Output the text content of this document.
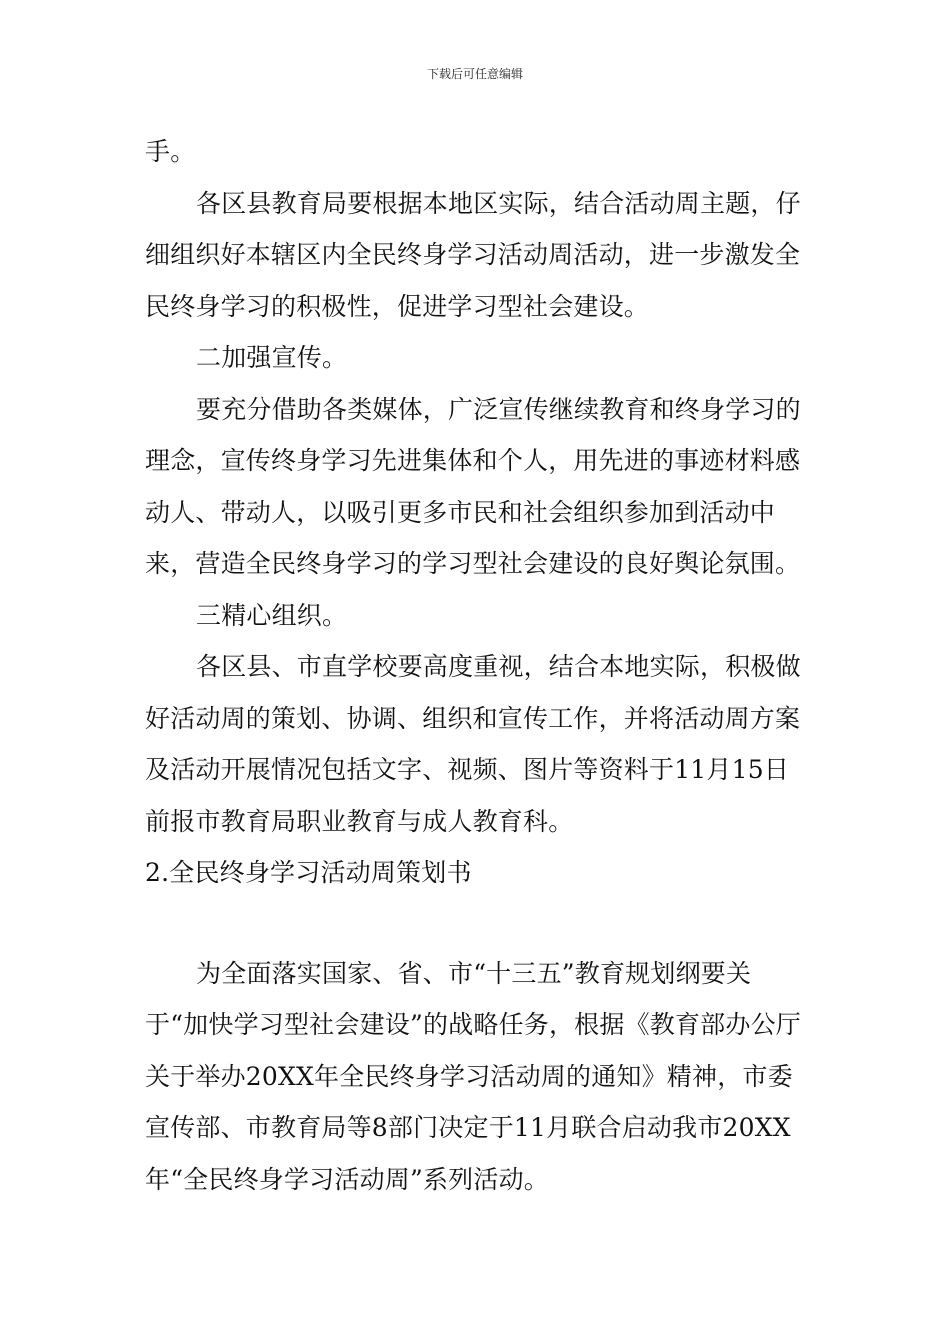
下载后可任意编辑

手。

各区县教育局要根据本地区实际，结合活动周主题，仔细组织好本辖区内全民终身学习活动周活动，进一步激发全民终身学习的积极性，促进学习型社会建设。

二加强宣传。

要充分借助各类媒体，广泛宣传继续教育和终身学习的理念，宣传终身学习先进集体和个人，用先进的事迹材料感动人、带动人，以吸引更多市民和社会组织参加到活动中来，营造全民终身学习的学习型社会建设的良好舆论氛围。

三精心组织。

各区县、市直学校要高度重视，结合本地实际，积极做好活动周的策划、协调、组织和宣传工作，并将活动周方案及活动开展情况包括文字、视频、图片等资料于11月15日前报市教育局职业教育与成人教育科。

2.全民终身学习活动周策划书

为全面落实国家、省、市“十三五”教育规划纲要关于“加快学习型社会建设”的战略任务，根据《教育部办公厅关于举办20XX年全民终身学习活动周的通知》精神，市委宣传部、市教育局等8部门决定于11月联合启动我市20XX年“全民终身学习活动周”系列活动。
